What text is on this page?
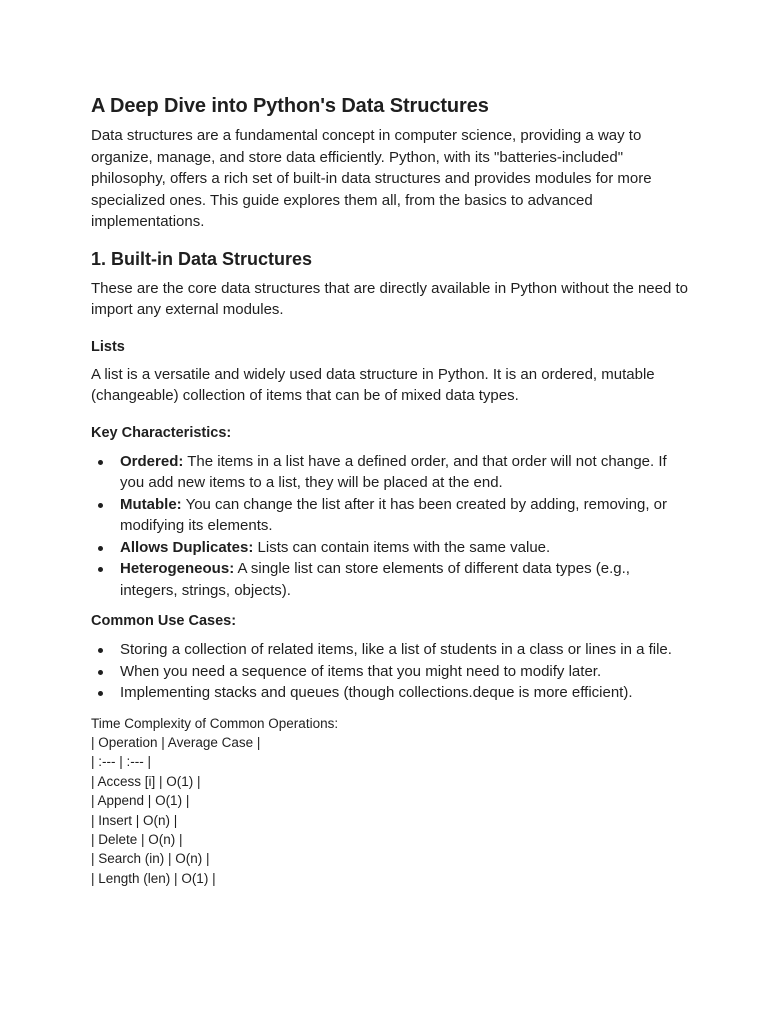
A Deep Dive into Python's Data Structures

Data structures are a fundamental concept in computer science, providing a way to organize, manage, and store data efficiently. Python, with its "batteries-included" philosophy, offers a rich set of built-in data structures and provides modules for more specialized ones. This guide explores them all, from the basics to advanced implementations.

1. Built-in Data Structures

These are the core data structures that are directly available in Python without the need to import any external modules.

Lists

A list is a versatile and widely used data structure in Python. It is an ordered, mutable (changeable) collection of items that can be of mixed data types.

Key Characteristics:
Ordered: The items in a list have a defined order, and that order will not change. If you add new items to a list, they will be placed at the end.
Mutable: You can change the list after it has been created by adding, removing, or modifying its elements.
Allows Duplicates: Lists can contain items with the same value.
Heterogeneous: A single list can store elements of different data types (e.g., integers, strings, objects).
Common Use Cases:
Storing a collection of related items, like a list of students in a class or lines in a file.
When you need a sequence of items that you might need to modify later.
Implementing stacks and queues (though collections.deque is more efficient).
Time Complexity of Common Operations:
| Operation | Average Case |
| :--- | :--- |
| Access [i] | O(1) |
| Append | O(1) |
| Insert | O(n) |
| Delete | O(n) |
| Search (in) | O(n) |
| Length (len) | O(1) |
